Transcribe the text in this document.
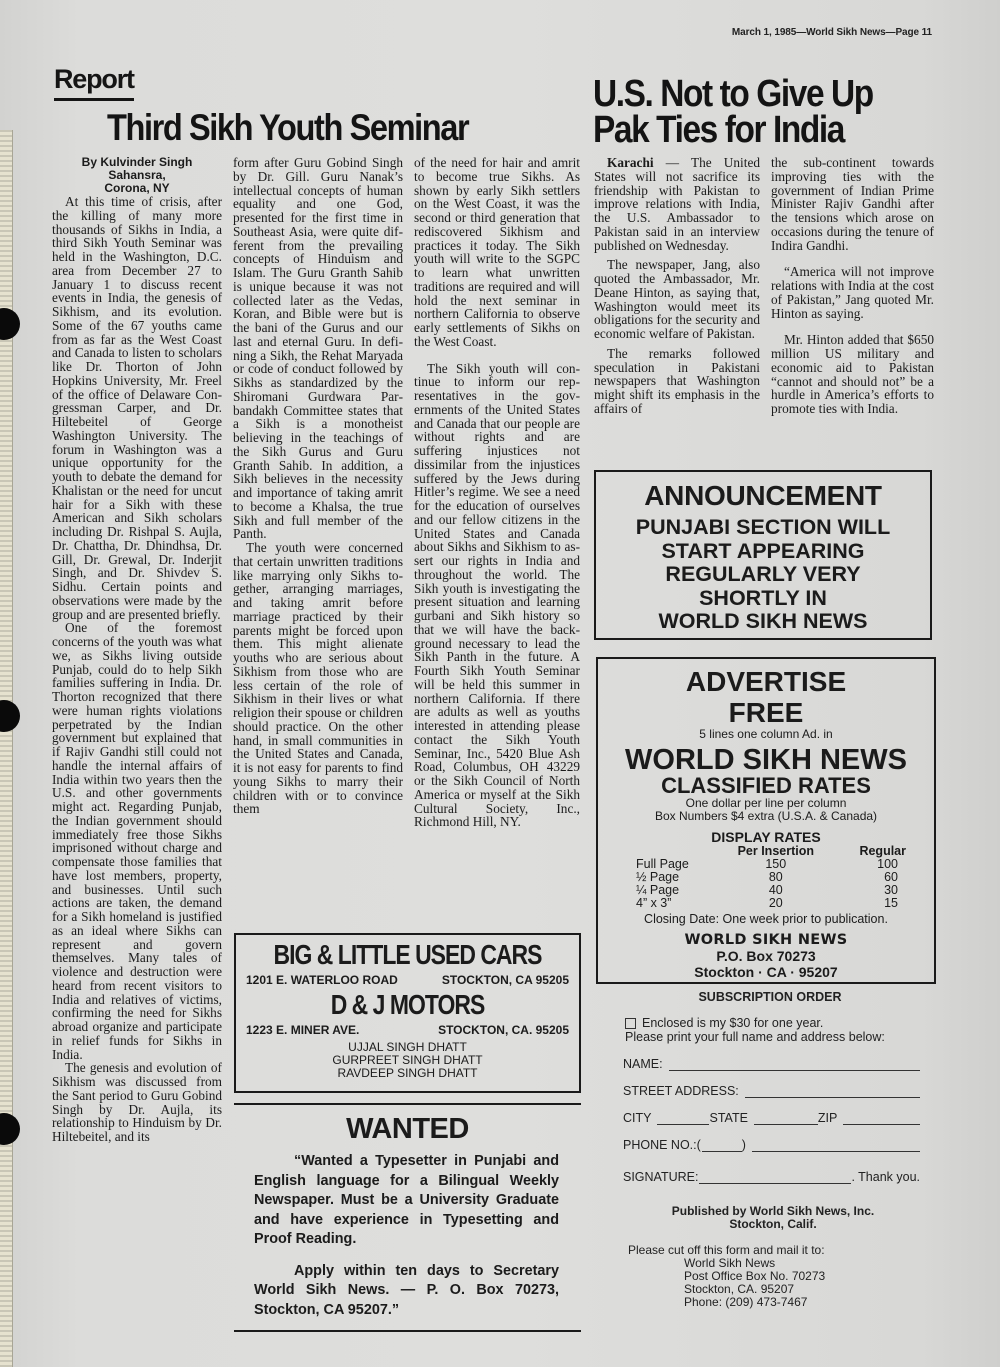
March 1, 1985—World Sikh News—Page 11
Report
Third Sikh Youth Seminar
U.S. Not to Give Up
Pak Ties for India
By Kulvinder Singh
Sahansra,
Corona, NY

At this time of crisis, after the killing of many more thousands of Sikhs in India, a third Sikh Youth Seminar was held in the Washington, D.C. area from December 27 to January 1 to discuss recent events in India, the genesis of Sikhism, and its evolution. Some of the 67 youths came from as far as the West Coast and Canada to listen to scholars like Dr. Thorton of John Hopkins University, Mr. Freel of the office of Delaware Congressman Carper, and Dr. Hiltebeitel of George Washington University. The forum in Washington was a unique opportunity for the youth to debate the demand for Khalistan or the need for uncut hair for a Sikh with these American and Sikh scholars including Dr. Rishpal S. Aujla, Dr. Chattha, Dr. Dhindhsa, Dr. Gill, Dr. Grewal, Dr. Inderjit Singh, and Dr. Shivdev S. Sidhu. Certain points and observations were made by the group and are presented briefly.

One of the foremost concerns of the youth was what we, as Sikhs living outside Punjab, could do to help Sikh families suffering in India. Dr. Thorton recognized that there were human rights violations perpetrated by the Indian government but explained that if Rajiv Gandhi still could not handle the internal affairs of India within two years then the U.S. and other governments might act. Regarding Punjab, the Indian government should immediately free those Sikhs imprisoned without charge and compensate those families that have lost members, property, and businesses. Until such actions are taken, the demand for a Sikh homeland is justified as an ideal where Sikhs can represent and govern themselves. Many tales of violence and destruction were heard from recent visitors to India and relatives of victims, confirming the need for Sikhs abroad organize and participate in relief funds for Sikhs in India.

The genesis and evolution of Sikhism was discussed from the Sant period to Guru Gobind Singh by Dr. Aujla, its relationship to Hinduism by Dr. Hiltebeitel, and its

form after Guru Gobind Singh by Dr. Gill. Guru Nanak’s intellectual concepts of human equality and one God, presented for the first time in Southeast Asia, were quite different from the prevailing concepts of Hinduism and Islam. The Guru Granth Sahib is unique because it was not collected later as the Vedas, Koran, and Bible were but is the bani of the Gurus and our last and eternal Guru. In defining a Sikh, the Rehat Maryada or code of conduct followed by Sikhs as standardized by the Shiromani Gurdwara Parbandakh Committee states that a Sikh is a monotheist believing in the teachings of the Sikh Gurus and Guru Granth Sahib. In addition, a Sikh believes in the necessity and importance of taking amrit to become a Khalsa, the true Sikh and full member of the Panth.

The youth were concerned that certain unwritten traditions like marrying only Sikhs together, arranging marriages, and taking amrit before marriage practiced by their parents might be forced upon them. This might alienate youths who are serious about Sikhism from those who are less certain of the role of Sikhism in their lives or what religion their spouse or children should practice. On the other hand, in small communities in the United States and Canada, it is not easy for parents to find young Sikhs to marry their children with or to convince them

of the need for hair and amrit to become true Sikhs. As shown by early Sikh settlers on the West Coast, it was the second or third generation that rediscovered Sikhism and practices it today. The Sikh youth will write to the SGPC to learn what unwritten traditions are required and will hold the next seminar in northern California to observe early settlements of Sikhs on the West Coast.

The Sikh youth will continue to inform our representatives in the governments of the United States and Canada that our people are without rights and are suffering injustices not dissimilar from the injustices suffered by the Jews during Hitler’s regime. We see a need for the education of ourselves and our fellow citizens in the United States and Canada about Sikhs and Sikhism to assert our rights in India and throughout the world. The Sikh youth is investigating the present situation and learning gurbani and Sikh history so that we will have the background necessary to lead the Sikh Panth in the future. A Fourth Sikh Youth Seminar will be held this summer in northern California. If there are adults as well as youths interested in attending please contact the Sikh Youth Seminar, Inc., 5420 Blue Ash Road, Columbus, OH 43229 or the Sikh Council of North America or myself at the Sikh Cultural Society, Inc., Richmond Hill, NY.

Karachi — The United States will not sacrifice its friendship with Pakistan to improve relations with India, the U.S. Ambassador to Pakistan said in an interview published on Wednesday.

The newspaper, Jang, also quoted the Ambassador, Mr. Deane Hinton, as saying that, Washington would meet its obligations for the security and economic welfare of Pakistan.

The remarks followed speculation in Pakistani newspapers that Washington might shift its emphasis in the affairs of

the sub-continent towards improving ties with the government of Indian Prime Minister Rajiv Gandhi after the tensions which arose on occasions during the tenure of Indira Gandhi.

“America will not improve relations with India at the cost of Pakistan,” Jang quoted Mr. Hinton as saying.

Mr. Hinton added that $650 million US military and economic aid to Pakistan “cannot and should not” be a hurdle in America’s efforts to promote ties with India.

BIG & LITTLE USED CARS
1201 E. WATERLOO ROAD	STOCKTON, CA 95205
D & J MOTORS
1223 E. MINER AVE.	STOCKTON, CA. 95205
UJJAL SINGH DHATT
GURPREET SINGH DHATT
RAVDEEP SINGH DHATT
WANTED

“Wanted a Typesetter in Punjabi and English language for a Bilingual Weekly Newspaper. Must be a University Graduate and have experience in Typesetting and Proof Reading.

Apply within ten days to Secretary World Sikh News. — P. O. Box 70273, Stockton, CA 95207.”

ANNOUNCEMENT
PUNJABI SECTION WILL
START APPEARING
REGULARLY VERY
SHORTLY IN
WORLD SIKH NEWS
ADVERTISE
FREE
5 lines one column Ad. in
WORLD SIKH NEWS
CLASSIFIED RATES
One dollar per line per column
Box Numbers $4 extra (U.S.A. & Canada)
DISPLAY RATES
	Per Insertion	Regular
Full Page	150	100
½ Page	80	60
¼ Page	40	30
4” x 3”	20	15
Closing Date: One week prior to publication.
WORLD SIKH NEWS
P.O. Box 70273
Stockton · CA · 95207
SUBSCRIPTION ORDER
Enclosed is my $30 for one year.
Please print your full name and address below:
NAME:
STREET ADDRESS:
CITY	STATE	ZIP
PHONE NO.:(	)
SIGNATURE:	. Thank you.
Published by World Sikh News, Inc.
Stockton, Calif.
Please cut off this form and mail it to:
World Sikh News
Post Office Box No. 70273
Stockton, CA. 95207
Phone: (209) 473-7467
